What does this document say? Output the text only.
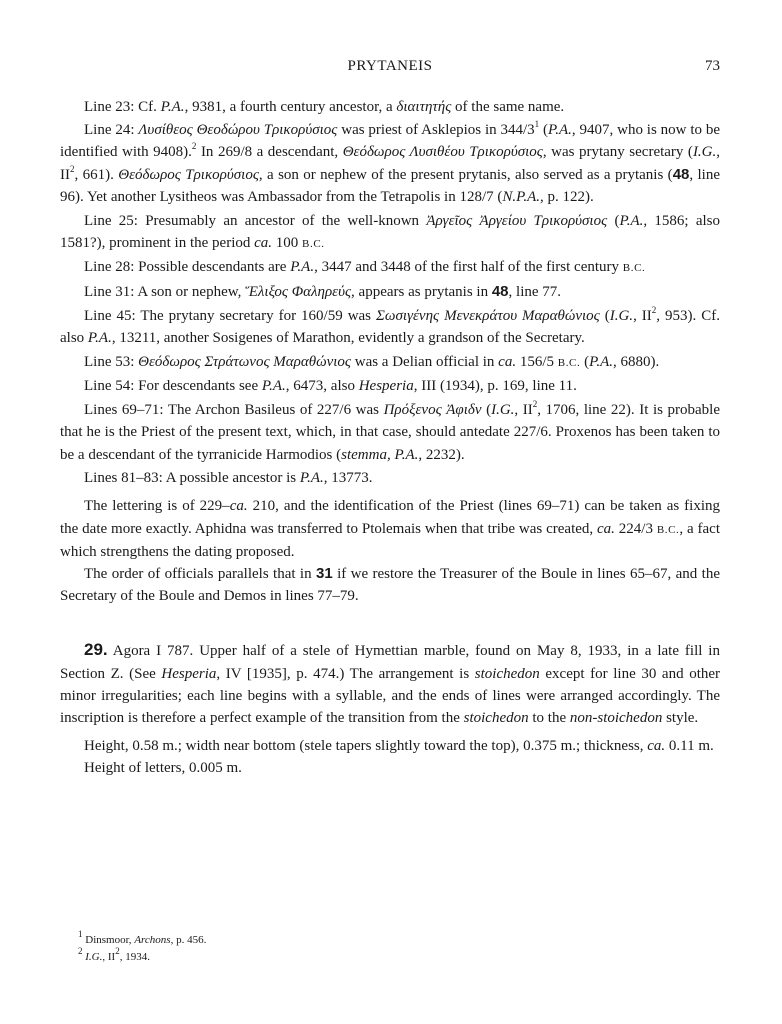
PRYTANEIS	73

Line 23: Cf. P.A., 9381, a fourth century ancestor, a διαιτητής of the same name.

Line 24: Λυσίθεος Θεοδώρου Τρικορύσιος was priest of Asklepios in $344/3^1$ (P.A., 9407, who is now to be identified with 9408).$^2$ In 269/8 a descendant, Θεόδωρος Λυσιθέου Τρικορύσιος, was prytany secretary (I.G., $II^2$, 661). Θεόδωρος Τρικορύσιος, a son or nephew of the present prytanis, also served as a prytanis (48, line 96). Yet another Lysitheos was Ambassador from the Tetrapolis in 128/7 (N.P.A., p. 122).

Line 25: Presumably an ancestor of the well-known Ἀργεῖος Ἀργείου Τρικορύσιος (P.A., 1586; also 1581?), prominent in the period ca. 100 B.C.

Line 28: Possible descendants are P.A., 3447 and 3448 of the first half of the first century B.C.

Line 31: A son or nephew, Ἕλιξος Φαληρεύς, appears as prytanis in 48, line 77.

Line 45: The prytany secretary for 160/59 was Σωσιγένης Μενεκράτου Μαραθώνιος (I.G., $II^2$, 953). Cf. also P.A., 13211, another Sosigenes of Marathon, evidently a grandson of the Secretary.

Line 53: Θεόδωρος Στράτωνος Μαραθώνιος was a Delian official in ca. 156/5 B.C. (P.A., 6880).

Line 54: For descendants see P.A., 6473, also Hesperia, III (1934), p. 169, line 11.

Lines 69–71: The Archon Basileus of 227/6 was Πρόξενος Ἀφιδν (I.G., $II^2$, 1706, line 22). It is probable that he is the Priest of the present text, which, in that case, should antedate 227/6. Proxenos has been taken to be a descendant of the tyrranicide Harmodios (stemma, P.A., 2232).

Lines 81–83: A possible ancestor is P.A., 13773.

The lettering is of 229–ca. 210, and the identification of the Priest (lines 69–71) can be taken as fixing the date more exactly. Aphidna was transferred to Ptolemais when that tribe was created, ca. 224/3 B.C., a fact which strengthens the dating proposed.

The order of officials parallels that in 31 if we restore the Treasurer of the Boule in lines 65–67, and the Secretary of the Boule and Demos in lines 77–79.

29. Agora I 787. Upper half of a stele of Hymettian marble, found on May 8, 1933, in a late fill in Section Z. (See Hesperia, IV [1935], p. 474.) The arrangement is stoichedon except for line 30 and other minor irregularities; each line begins with a syllable, and the ends of lines were arranged accordingly. The inscription is therefore a perfect example of the transition from the stoichedon to the non-stoichedon style.

Height, 0.58 m.; width near bottom (stele tapers slightly toward the top), 0.375 m.; thickness, ca. 0.11 m.

Height of letters, 0.005 m.

$^1$ Dinsmoor, Archons, p. 456.
$^2$ I.G., $II^2$, 1934.
